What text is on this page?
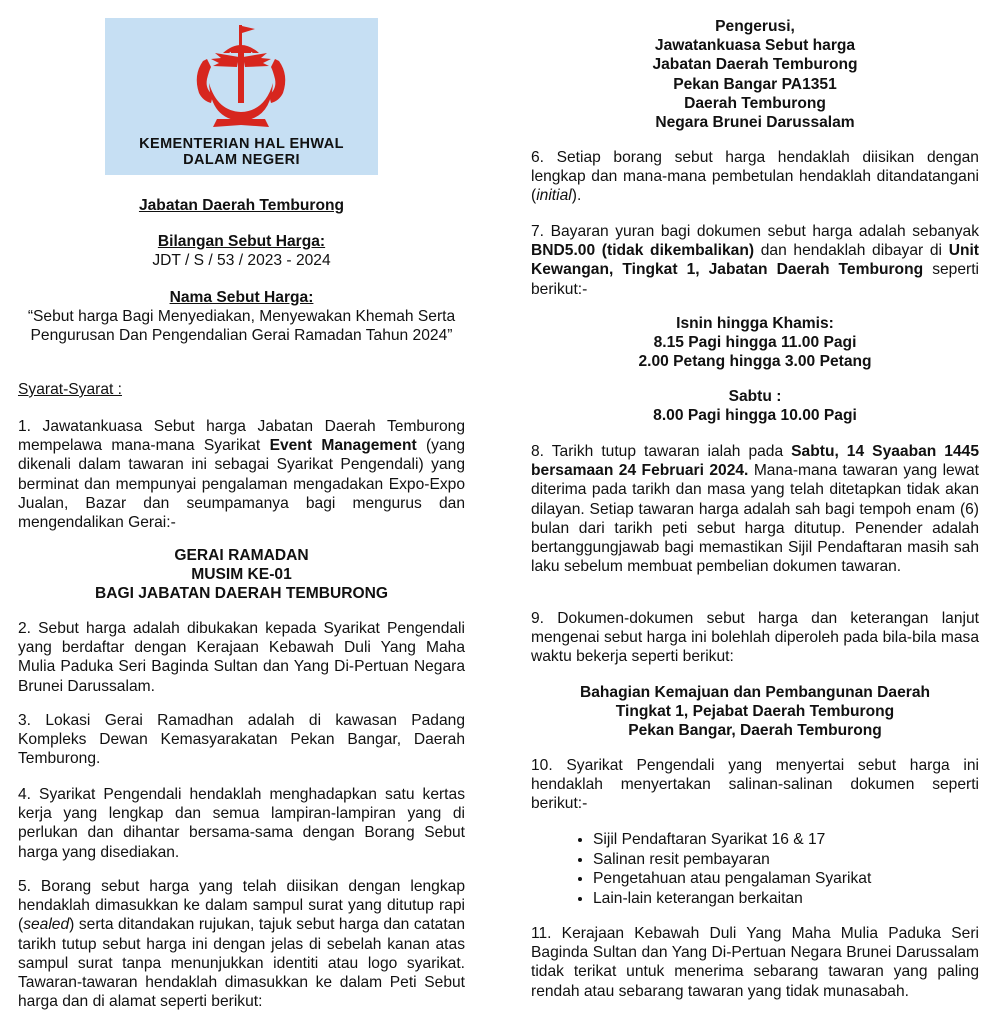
KEMENTERIAN HAL EHWAL
DALAM NEGERI

Jabatan Daerah Temburong

Bilangan Sebut Harga:

JDT / S / 53 / 2023 - 2024

Nama Sebut Harga:

“Sebut harga Bagi Menyediakan, Menyewakan Khemah Serta Pengurusan Dan Pengendalian Gerai Ramadan Tahun 2024”

Syarat-Syarat :

1. Jawatankuasa Sebut harga Jabatan Daerah Temburong mempelawa mana-mana Syarikat Event Management (yang dikenali dalam tawaran ini sebagai Syarikat Pengendali) yang berminat dan mempunyai pengalaman mengadakan Expo-Expo Jualan, Bazar dan seumpamanya bagi mengurus dan mengendalikan Gerai:-

GERAI RAMADAN

MUSIM KE-01

BAGI JABATAN DAERAH TEMBURONG

2. Sebut harga adalah dibukakan kepada Syarikat Pengendali yang berdaftar dengan Kerajaan Kebawah Duli Yang Maha Mulia Paduka Seri Baginda Sultan dan Yang Di-Pertuan Negara Brunei Darussalam.

3. Lokasi Gerai Ramadhan adalah di kawasan Padang Kompleks Dewan Kemasyarakatan Pekan Bangar, Daerah Temburong.

4. Syarikat Pengendali hendaklah menghadapkan satu kertas kerja yang lengkap dan semua lampiran-lampiran yang di perlukan dan dihantar bersama-sama dengan Borang Sebut harga yang disediakan.

5. Borang sebut harga yang telah diisikan dengan lengkap hendaklah dimasukkan ke dalam sampul surat yang ditutup rapi (sealed) serta ditandakan rujukan, tajuk sebut harga dan catatan tarikh tutup sebut harga ini dengan jelas di sebelah kanan atas sampul surat tanpa menunjukkan identiti atau logo syarikat. Tawaran-tawaran hendaklah dimasukkan ke dalam Peti Sebut harga dan di alamat seperti berikut:

Pengerusi,

Jawatankuasa Sebut harga

Jabatan Daerah Temburong

Pekan Bangar PA1351

Daerah Temburong

Negara Brunei Darussalam

6. Setiap borang sebut harga hendaklah diisikan dengan lengkap dan mana-mana pembetulan hendaklah ditandatangani (initial).

7. Bayaran yuran bagi dokumen sebut harga adalah sebanyak BND5.00 (tidak dikembalikan) dan hendaklah dibayar di Unit Kewangan, Tingkat 1, Jabatan Daerah Temburong seperti berikut:-

Isnin hingga Khamis:

8.15 Pagi hingga 11.00 Pagi

2.00 Petang hingga 3.00 Petang

Sabtu :

8.00 Pagi hingga 10.00 Pagi

8. Tarikh tutup tawaran ialah pada Sabtu, 14 Syaaban 1445 bersamaan 24 Februari 2024. Mana-mana tawaran yang lewat diterima pada tarikh dan masa yang telah ditetapkan tidak akan dilayan. Setiap tawaran harga adalah sah bagi tempoh enam (6) bulan dari tarikh peti sebut harga ditutup. Penender adalah bertanggungjawab bagi memastikan Sijil Pendaftaran masih sah laku sebelum membuat pembelian dokumen tawaran.

9. Dokumen-dokumen sebut harga dan keterangan lanjut mengenai sebut harga ini bolehlah diperoleh pada bila-bila masa waktu bekerja seperti berikut:

Bahagian Kemajuan dan Pembangunan Daerah

Tingkat 1, Pejabat Daerah Temburong

Pekan Bangar, Daerah Temburong

10. Syarikat Pengendali yang menyertai sebut harga ini hendaklah menyertakan salinan-salinan dokumen seperti berikut:-

• Sijil Pendaftaran Syarikat 16 & 17
• Salinan resit pembayaran
• Pengetahuan atau pengalaman Syarikat
• Lain-lain keterangan berkaitan

11. Kerajaan Kebawah Duli Yang Maha Mulia Paduka Seri Baginda Sultan dan Yang Di-Pertuan Negara Brunei Darussalam tidak terikat untuk menerima sebarang tawaran yang paling rendah atau sebarang tawaran yang tidak munasabah.
